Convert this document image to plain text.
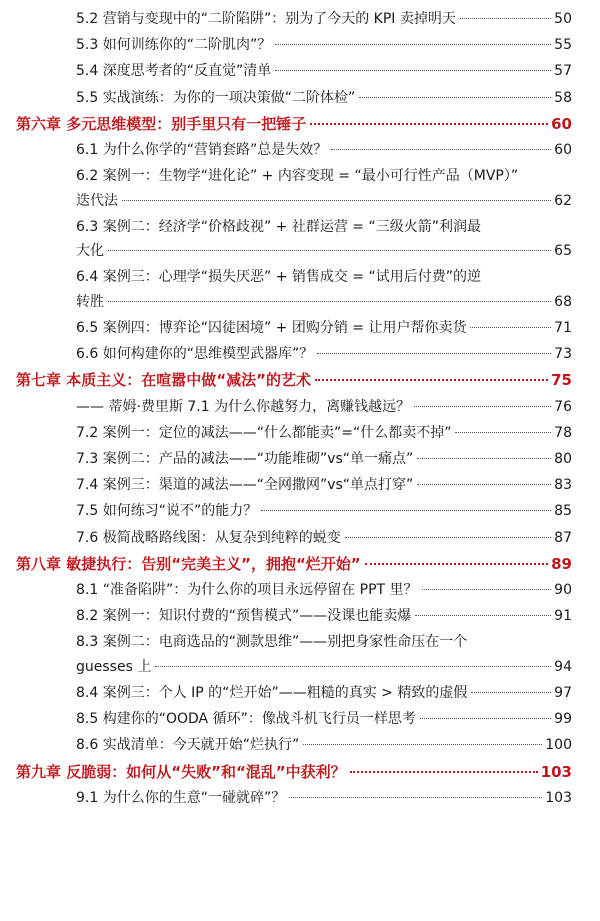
5.2 营销与变现中的“二阶陷阱”：别为了今天的 KPI 卖掉明天	50
5.3 如何训练你的“二阶肌肉”？	55
5.4 深度思考者的“反直觉”清单	57
5.5 实战演练：为你的一项决策做“二阶体检”	58
第六章 多元思维模型：别手里只有一把锤子	60
6.1 为什么你学的“营销套路”总是失效？	60
6.2 案例一：生物学“进化论” + 内容变现 = “最小可行性产品（MVP）”
迭代法	62
6.3 案例二：经济学“价格歧视” + 社群运营 = “三级火箭”利润最
大化	65
6.4 案例三：心理学“损失厌恶” + 销售成交 = “试用后付费”的逆
转胜	68
6.5 案例四：博弈论“囚徒困境” + 团购分销 = 让用户帮你卖货	71
6.6 如何构建你的“思维模型武器库”？	73
第七章 本质主义：在喧嚣中做“减法”的艺术	75
—— 蒂姆·费里斯 7.1 为什么你越努力，离赚钱越远？	76
7.2 案例一：定位的减法——“什么都能卖”=“什么都卖不掉”	78
7.3 案例二：产品的减法——“功能堆砌”vs“单一痛点”	80
7.4 案例三：渠道的减法——“全网撒网”vs“单点打穿”	83
7.5 如何练习“说不”的能力？	85
7.6 极简战略路线图：从复杂到纯粹的蜕变	87
第八章 敏捷执行：告别“完美主义”，拥抱“烂开始”	89
8.1 “准备陷阱”：为什么你的项目永远停留在 PPT 里？	90
8.2 案例一：知识付费的“预售模式”——没课也能卖爆	91
8.3 案例二：电商选品的“测款思维”——别把身家性命压在一个
guesses 上	94
8.4 案例三：个人 IP 的“烂开始”——粗糙的真实 > 精致的虚假	97
8.5 构建你的“OODA 循环”：像战斗机飞行员一样思考	99
8.6 实战清单：今天就开始“烂执行”	100
第九章 反脆弱：如何从“失败”和“混乱”中获利？	103
9.1 为什么你的生意“一碰就碎”？	103
